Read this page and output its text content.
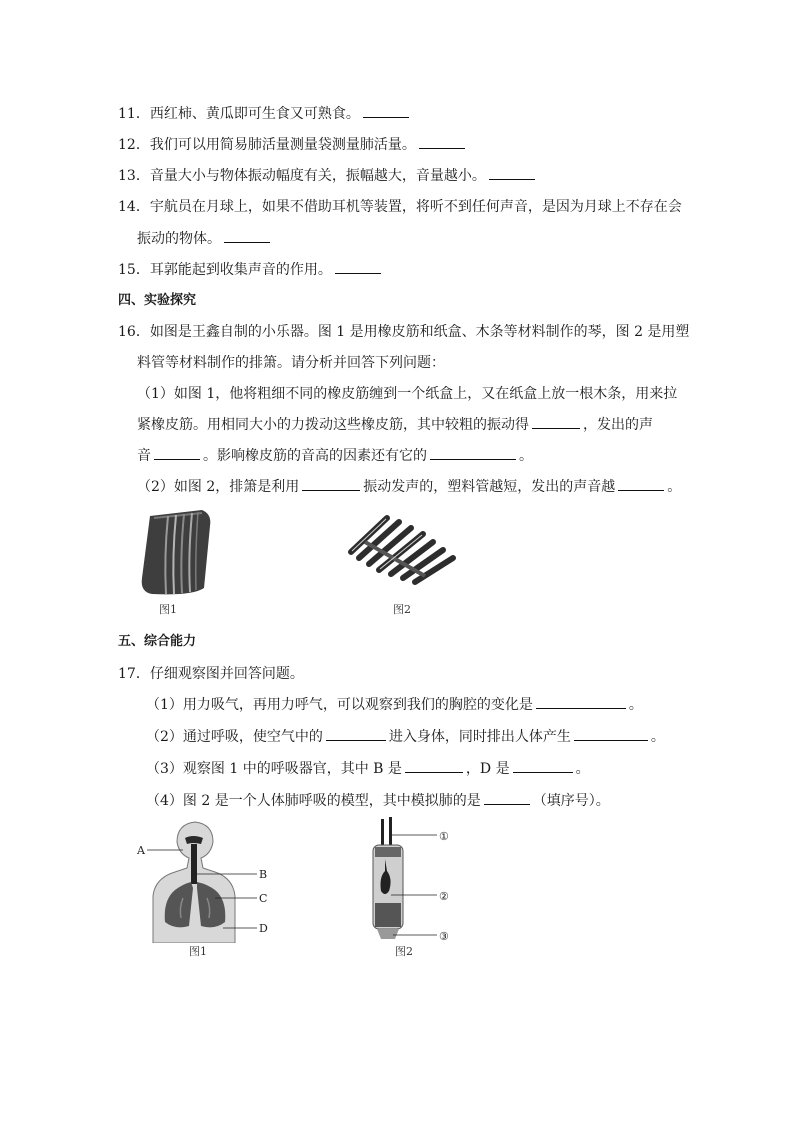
11．西红柿、黄瓜即可生食又可熟食。
12．我们可以用简易肺活量测量袋测量肺活量。
13．音量大小与物体振动幅度有关，振幅越大，音量越小。
14．宇航员在月球上，如果不借助耳机等装置，将听不到任何声音，是因为月球上不存在会
振动的物体。
15．耳郭能起到收集声音的作用。
四、实验探究
16．如图是王鑫自制的小乐器。图 1 是用橡皮筋和纸盒、木条等材料制作的琴，图 2 是用塑
料管等材料制作的排箫。请分析并回答下列问题：
（1）如图 1，他将粗细不同的橡皮筋缠到一个纸盒上，又在纸盒上放一根木条，用来拉
紧橡皮筋。用相同大小的力拨动这些橡皮筋，其中较粗的振动得	，发出的声
音	。影响橡皮筋的音高的因素还有它的	。
（2）如图 2，排箫是利用	振动发声的，塑料管越短，发出的声音越	。
图1	图2
五、综合能力
17．仔细观察图并回答问题。
（1）用力吸气，再用力呼气，可以观察到我们的胸腔的变化是	。
（2）通过呼吸，使空气中的	进入身体，同时排出人体产生	。
（3）观察图 1 中的呼吸器官，其中 B 是	，D 是	。
（4）图 2 是一个人体肺呼吸的模型，其中模拟肺的是	（填序号）。
A
B
C
D
图1
①
②
③
图2
